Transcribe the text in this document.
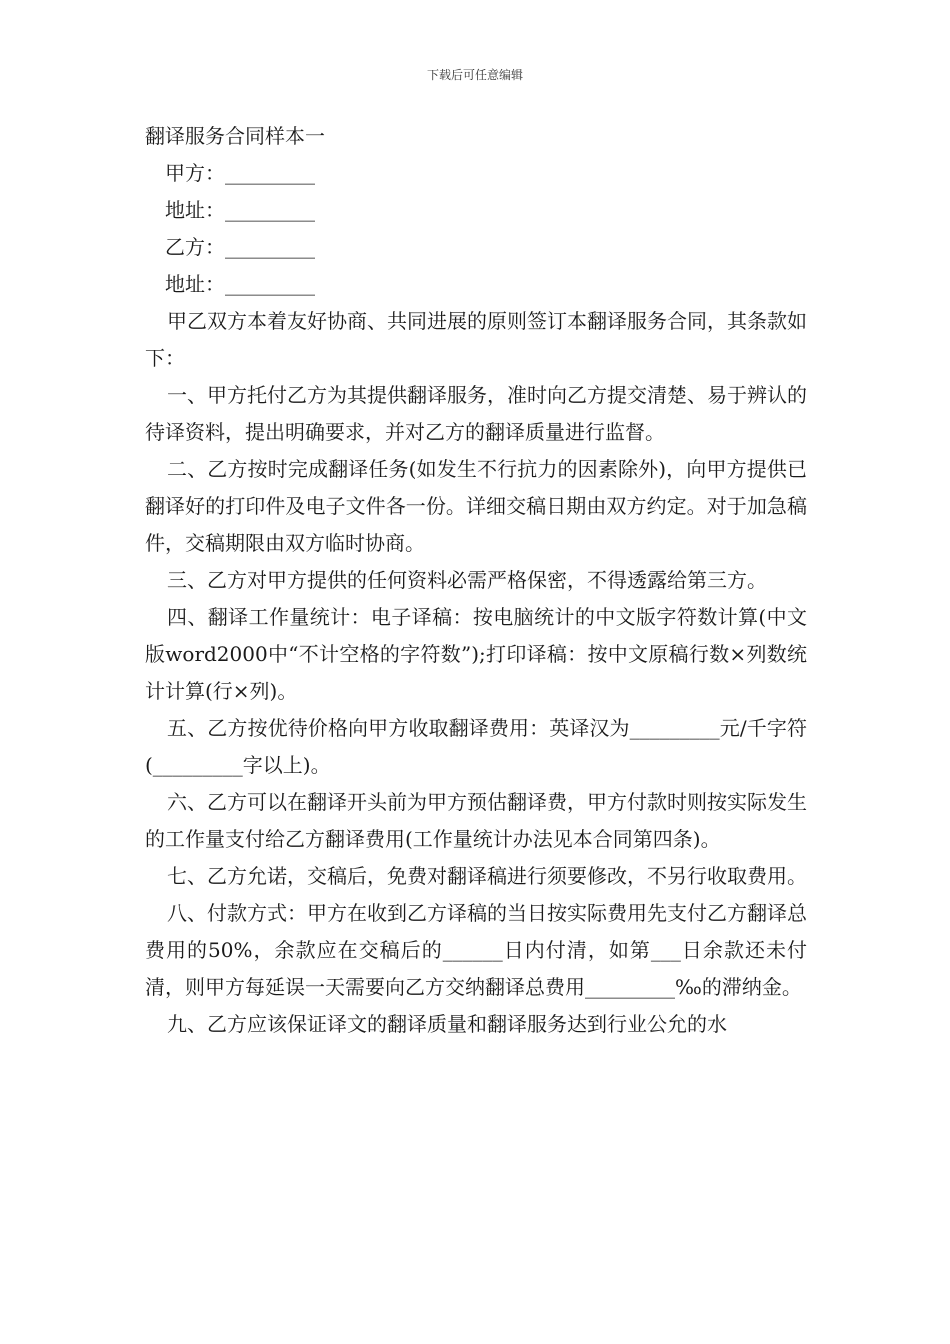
下载后可任意编辑

翻译服务合同样本一

甲方：_________

地址：_________

乙方：_________

地址：_________

甲乙双方本着友好协商、共同进展的原则签订本翻译服务合同，其条款如下：

一、甲方托付乙方为其提供翻译服务，准时向乙方提交清楚、易于辨认的待译资料，提出明确要求，并对乙方的翻译质量进行监督。

二、乙方按时完成翻译任务(如发生不行抗力的因素除外)，向甲方提供已翻译好的打印件及电子文件各一份。详细交稿日期由双方约定。对于加急稿件，交稿期限由双方临时协商。

三、乙方对甲方提供的任何资料必需严格保密，不得透露给第三方。

四、翻译工作量统计：电子译稿：按电脑统计的中文版字符数计算(中文版word2000中“不计空格的字符数”);打印译稿：按中文原稿行数×列数统计计算(行×列)。

五、乙方按优待价格向甲方收取翻译费用：英译汉为_________元/千字符(_________字以上)。

六、乙方可以在翻译开头前为甲方预估翻译费，甲方付款时则按实际发生的工作量支付给乙方翻译费用(工作量统计办法见本合同第四条)。

七、乙方允诺，交稿后，免费对翻译稿进行须要修改，不另行收取费用。

八、付款方式：甲方在收到乙方译稿的当日按实际费用先支付乙方翻译总费用的50%，余款应在交稿后的______日内付清，如第___日余款还未付清，则甲方每延误一天需要向乙方交纳翻译总费用_________‰的滞纳金。

九、乙方应该保证译文的翻译质量和翻译服务达到行业公允的水
